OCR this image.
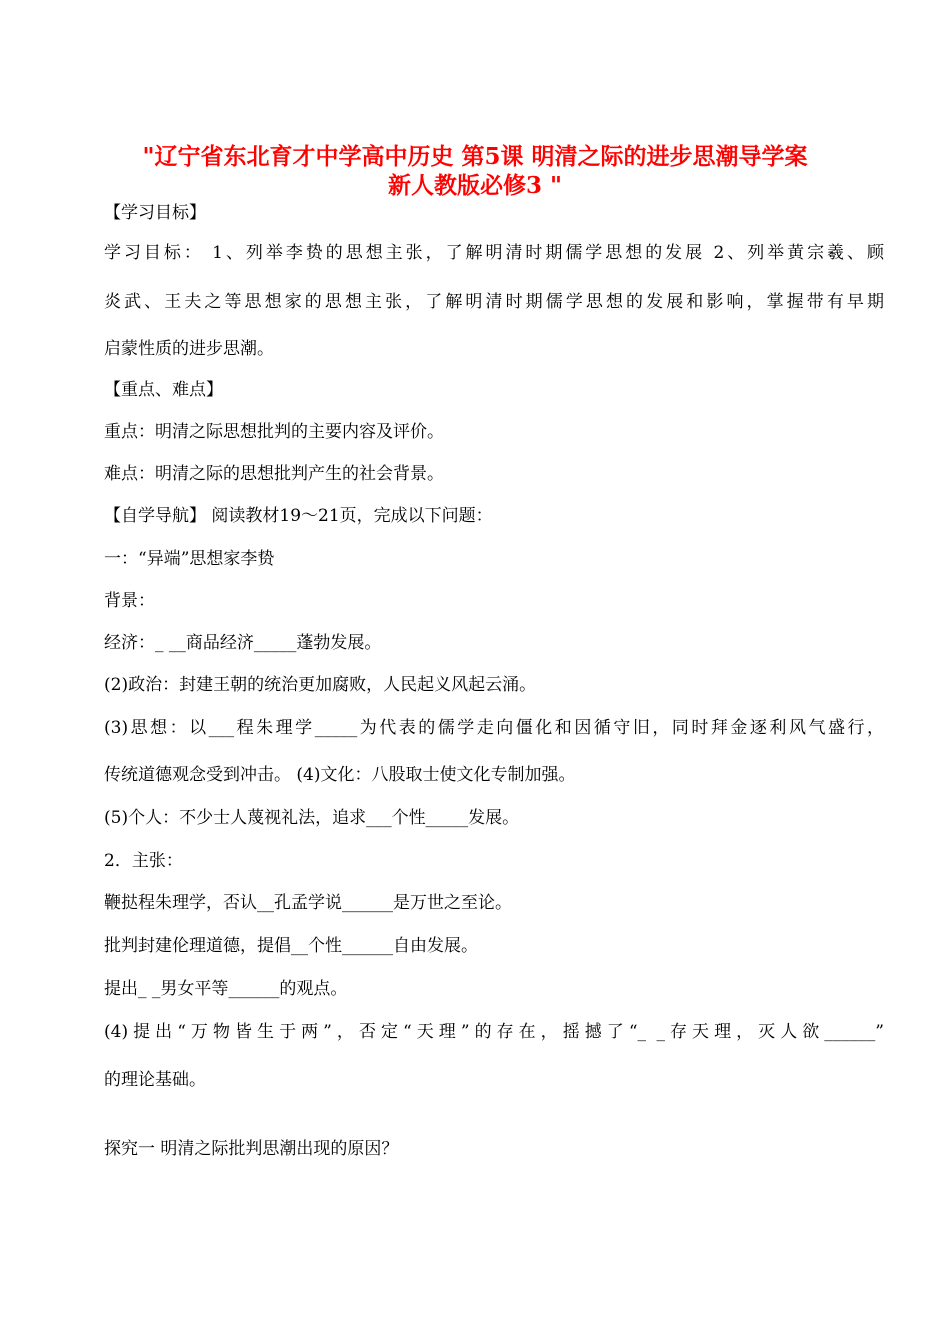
"辽宁省东北育才中学高中历史 第5课 明清之际的进步思潮导学案
新人教版必修3 "

【学习目标】

学习目标： 1、列举李贽的思想主张，了解明清时期儒学思想的发展 2、列举黄宗羲、顾

炎武、王夫之等思想家的思想主张，了解明清时期儒学思想的发展和影响，掌握带有早期

启蒙性质的进步思潮。

【重点、难点】

重点：明清之际思想批判的主要内容及评价。

难点：明清之际的思想批判产生的社会背景。

【自学导航】 阅读教材19～21页，完成以下问题：

一：“异端”思想家李贽

背景：

经济：_ __商品经济_____蓬勃发展。

(2)政治：封建王朝的统治更加腐败，人民起义风起云涌。

(3)思想：以___程朱理学_____为代表的儒学走向僵化和因循守旧，同时拜金逐利风气盛行，

传统道德观念受到冲击。 (4)文化：八股取士使文化专制加强。

(5)个人：不少士人蔑视礼法，追求___个性_____发展。

2．主张：

鞭挞程朱理学，否认__孔孟学说______是万世之至论。

批判封建伦理道德，提倡__个性______自由发展。

提出_ _男女平等______的观点。

(4)提出“万物皆生于两”，否定“天理”的存在，摇撼了“_ _存天理，灭人欲______”

的理论基础。

探究一 明清之际批判思潮出现的原因？
